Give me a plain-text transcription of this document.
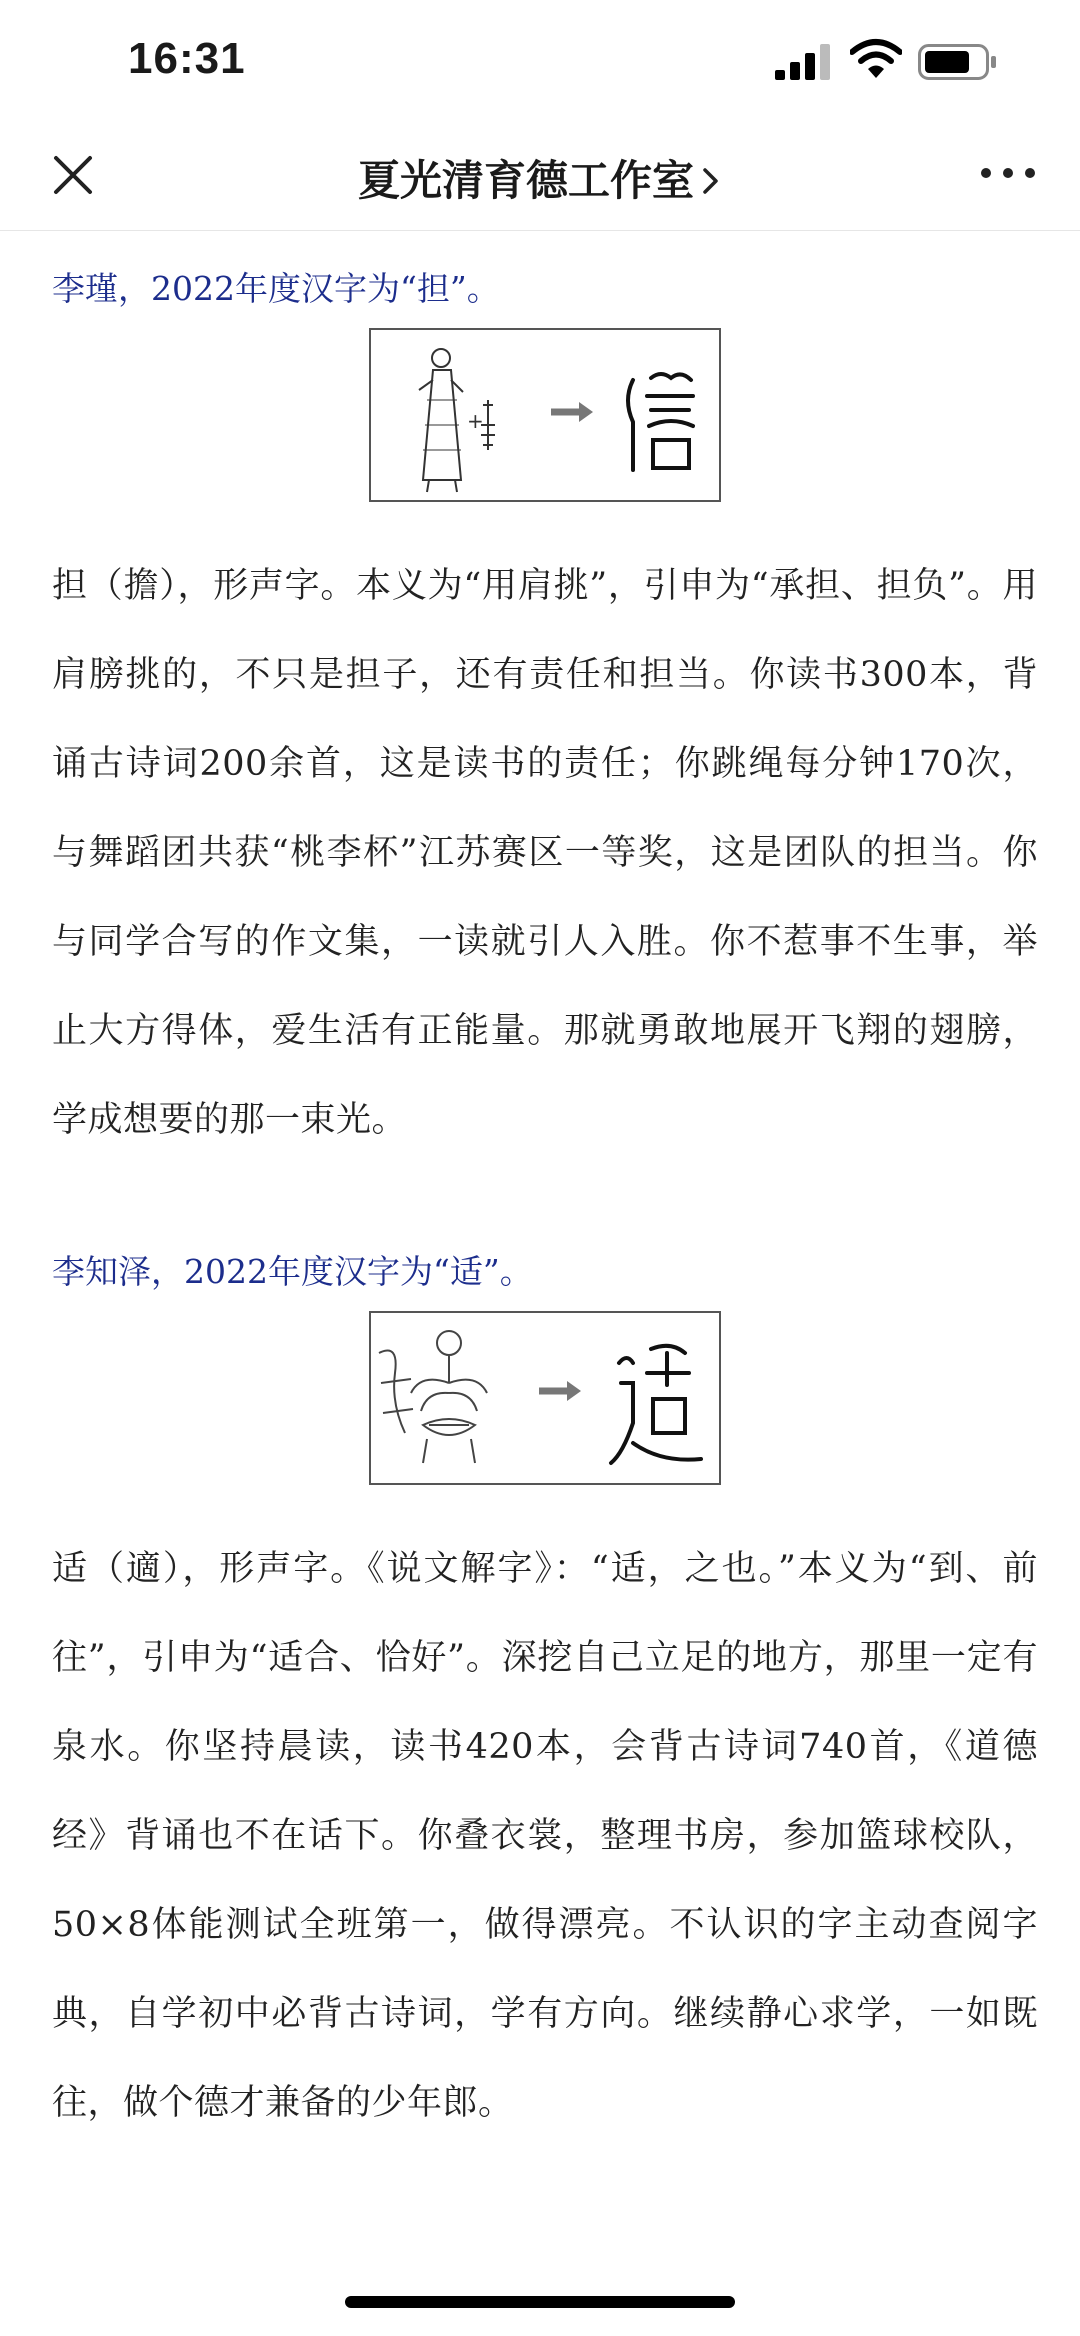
16:31
夏光清育德工作室

李瑾，2022年度汉字为“担”。

+

担（擔），形声字。本义为“用肩挑”，引申为“承担、担负”。用肩膀挑的，不只是担子，还有责任和担当。你读书300本，背诵古诗词200余首，这是读书的责任；你跳绳每分钟170次，与舞蹈团共获“桃李杯”江苏赛区一等奖，这是团队的担当。你与同学合写的作文集，一读就引人入胜。你不惹事不生事，举止大方得体，爱生活有正能量。那就勇敢地展开飞翔的翅膀，学成想要的那一束光。

李知泽，2022年度汉字为“适”。

适（適），形声字。《说文解字》：“适，之也。”本义为“到、前往”，引申为“适合、恰好”。深挖自己立足的地方，那里一定有泉水。你坚持晨读，读书420本，会背古诗词740首，《道德经》背诵也不在话下。你叠衣裳，整理书房，参加篮球校队，50×8体能测试全班第一，做得漂亮。不认识的字主动查阅字典，自学初中必背古诗词，学有方向。继续静心求学，一如既往，做个德才兼备的少年郎。
